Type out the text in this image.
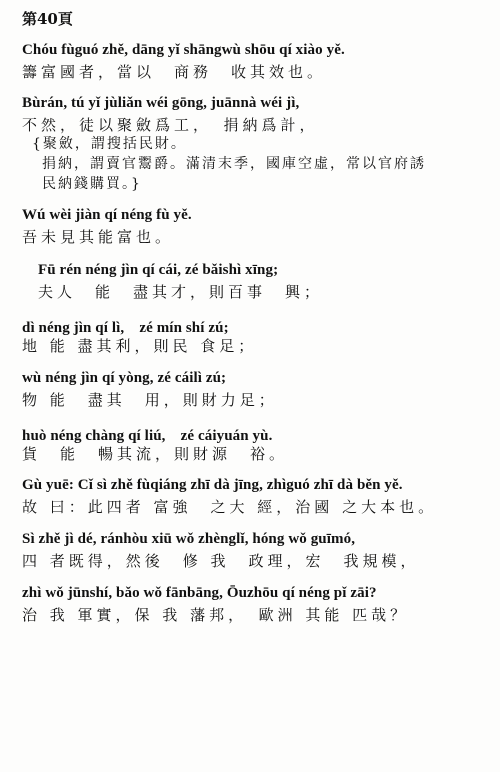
第40頁
Chóu fùguó zhě, dāng yǐ shāngwù shōu qí xiào yě.
籌富國者，當以　商務　收其效也。
Bùrán, tú yǐ jùliǎn wéi gōng, juānnà wéi jì,
不然，徒以聚斂爲工，　捐納爲計，
{聚斂，謂搜括民財。
捐納，謂賣官鬻爵。滿清末季，國庫空虛，常以官府誘
民納錢購買。}
Wú wèi jiàn qí néng fù yě.
吾未見其能富也。
Fū rén néng jìn qí cái, zé bǎishì xīng;
夫人　能　盡其才，則百事　興；
dì néng jìn qí lì,　zé mín shí zú;
地 能 盡其利，則民 食足；
wù néng jìn qí yòng, zé cáilì zú;
物 能　盡其　用，則財力足；
huò néng chàng qí liú,　zé cáiyuán yù.
貨　能　暢其流，則財源　裕。
Gù yuē: Cǐ sì zhě fùqiáng zhī dà jīng, zhìguó zhī dà běn yě.
故 曰：此四者 富強　之大 經，治國 之大本也。
Sì zhě jì dé, ránhòu xiū wǒ zhènglǐ, hóng wǒ guīmó,
四 者既得，然後　修 我　政理，宏　我規模，
zhì wǒ jūnshí, bǎo wǒ fānbāng, Ōuzhōu qí néng pǐ zāi?
治 我 軍實，保 我 藩邦，　歐洲 其能 匹哉？
